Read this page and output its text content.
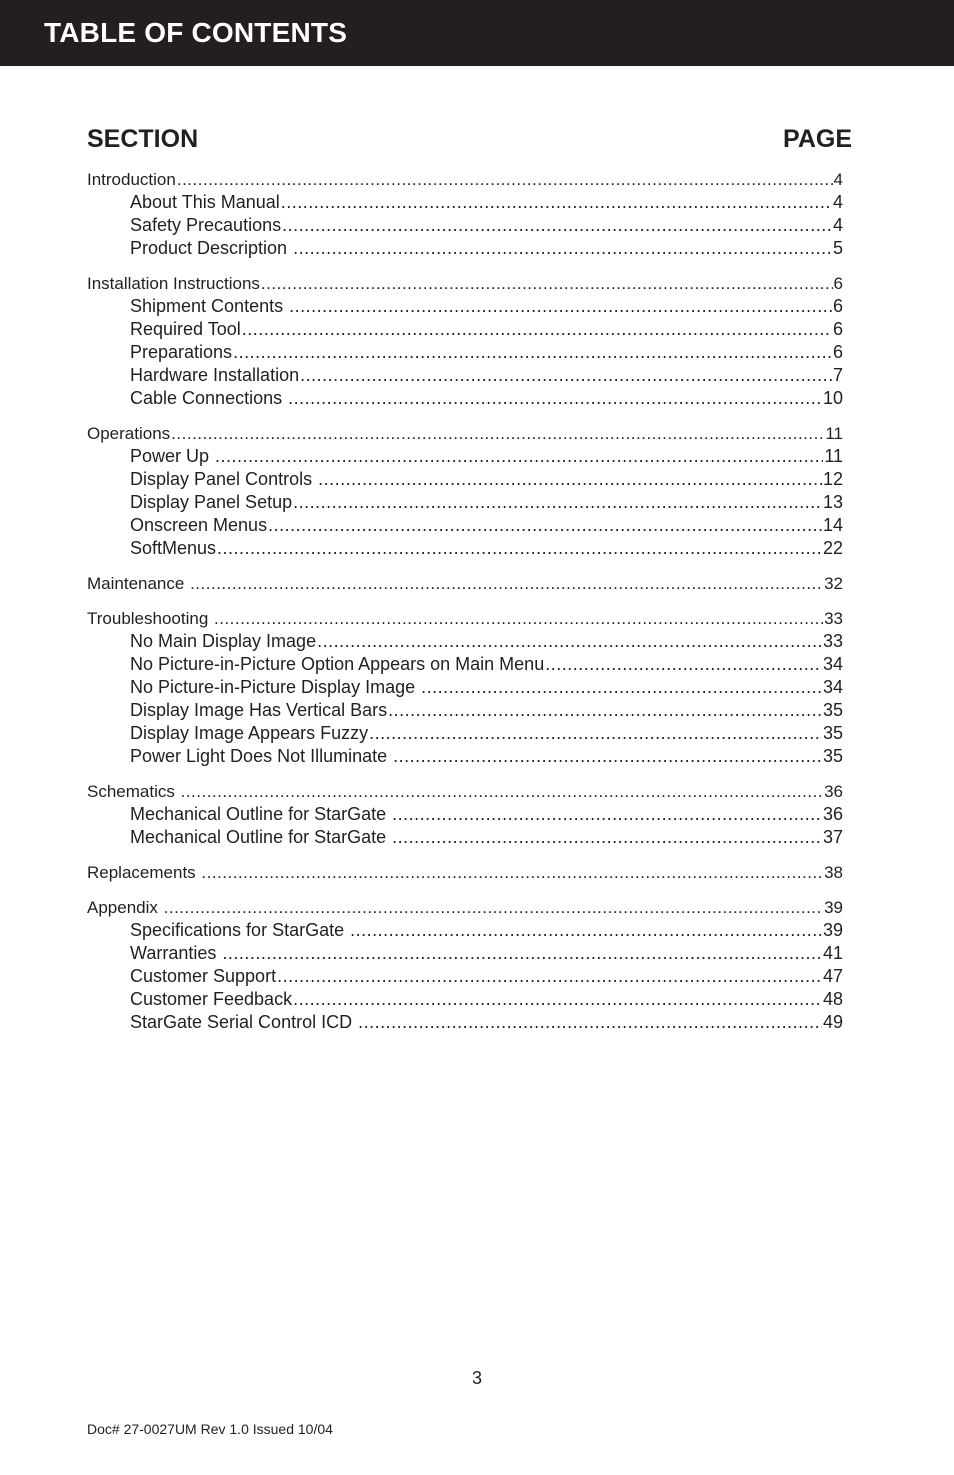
TABLE OF CONTENTS
SECTION	PAGE
Introduction .....	4
About This Manual .....	4
Safety Precautions .....	4
Product Description .....	5
Installation Instructions .....	6
Shipment Contents .....	6
Required Tool .....	6
Preparations .....	6
Hardware Installation .....	7
Cable Connections .....	10
Operations .....	11
Power Up .....	11
Display Panel Controls .....	12
Display Panel Setup .....	13
Onscreen Menus .....	14
SoftMenus .....	22
Maintenance .....	32
Troubleshooting .....	33
No Main Display Image .....	33
No Picture-in-Picture Option Appears on Main Menu .....	34
No Picture-in-Picture Display Image .....	34
Display Image Has Vertical Bars .....	35
Display Image Appears Fuzzy .....	35
Power Light Does Not Illuminate .....	35
Schematics .....	36
Mechanical Outline for StarGate .....	36
Mechanical Outline for StarGate .....	37
Replacements .....	38
Appendix .....	39
Specifications for StarGate .....	39
Warranties .....	41
Customer Support .....	47
Customer Feedback .....	48
StarGate Serial Control ICD .....	49
3
Doc# 27-0027UM Rev 1.0 Issued 10/04
